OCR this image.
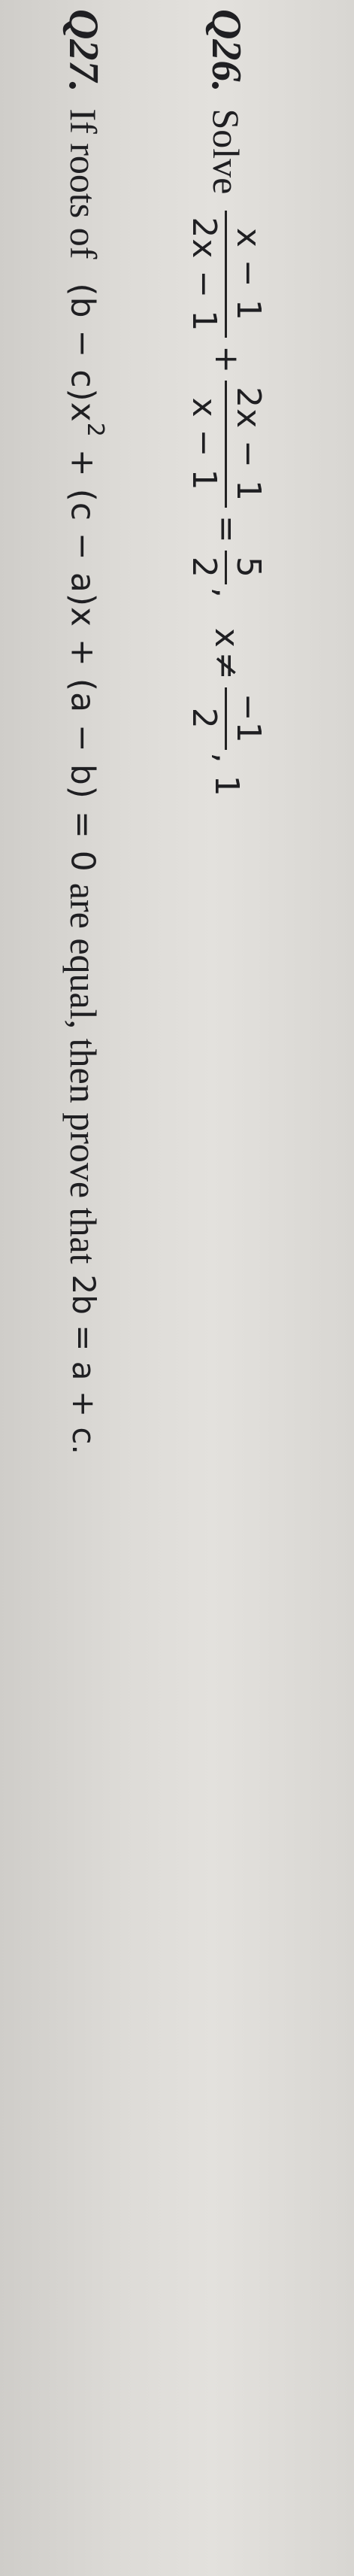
Q26.
Solve
x − 1
2x − 1
+
2x − 1
x − 1
=
5
2
,
x
≠
−1
2
,
1
Q27.
If roots of
$(b - c)x^2 + (c - a)x + (a - b) = 0$
are equal, then prove that
2b = a + c.
